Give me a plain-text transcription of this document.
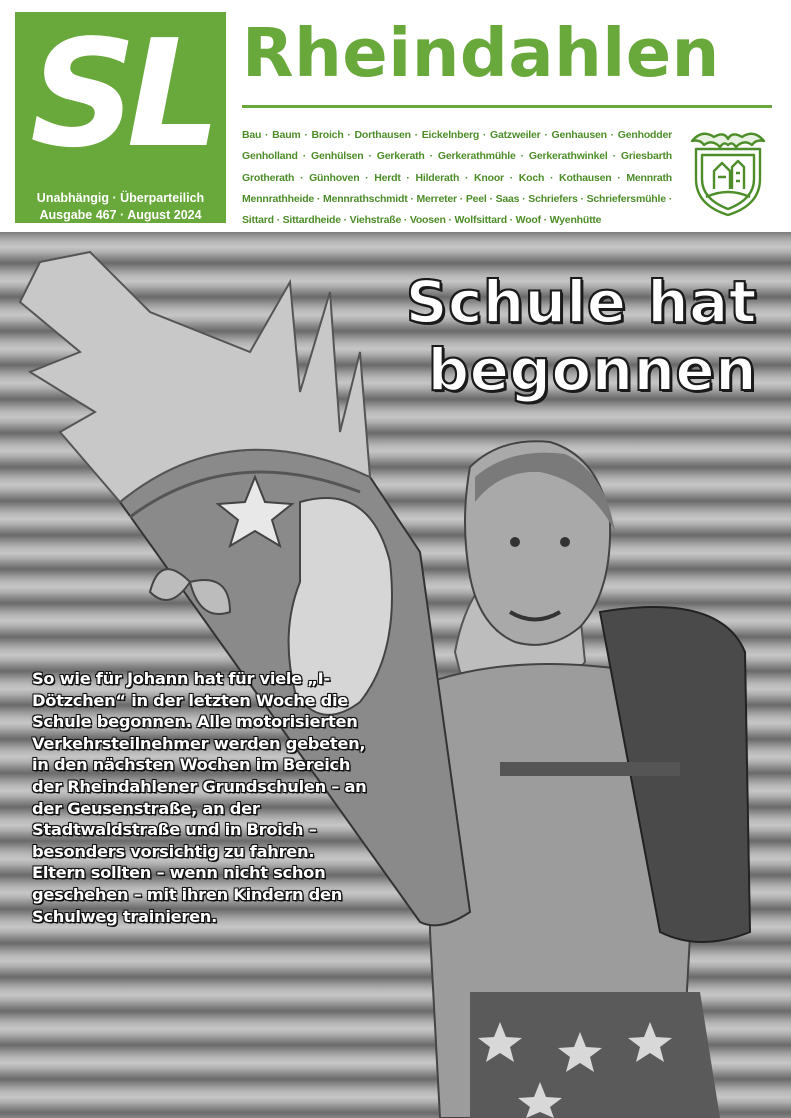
SL
Unabhängig · Überparteilich
Ausgabe 467 · August 2024
Rheindahlen
Bau · Baum · Broich · Dorthausen · Eickelnberg · Gatzweiler · Genhausen · Genhodder Genholland · Genhülsen · Gerkerath · Gerkerathmühle · Gerkerathwinkel · Griesbarth Grotherath · Günhoven · Herdt · Hilderath · Knoor · Koch · Kothausen · Mennrath Mennrathheide · Mennrathschmidt · Merreter · Peel · Saas · Schriefers · Schriefersmühle · Sittard · Sittardheide · Viehstraße · Voosen · Wolfsittard · Woof · Wyenhütte
Schule hat
begonnen
So wie für Johann hat für viele „I-Dötzchen“ in der letzten Woche die Schule begonnen. Alle motorisierten Verkehrsteilnehmer werden gebeten, in den nächsten Wochen im Bereich der Rheindahlener Grundschulen – an der Geusenstraße, an der Stadtwaldstraße und in Broich – besonders vorsichtig zu fahren. Eltern sollten – wenn nicht schon geschehen – mit ihren Kindern den Schulweg trainieren.
